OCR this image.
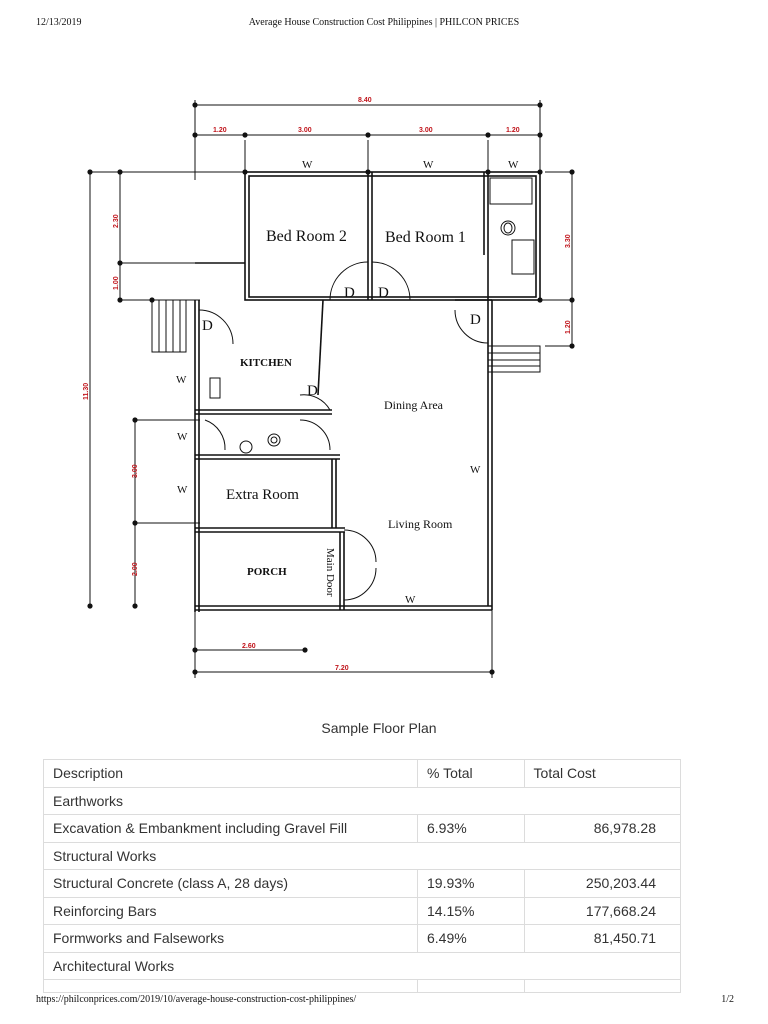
12/13/2019	Average House Construction Cost Philippines | PHILCON PRICES
Bed Room 2 Bed Room 1
KITCHEN
Dining Area
Extra Room
Living Room
PORCH	Main Door
W	W	W
W
W
W
W
W
D D
D
D
D
8.40
1.20	3.00	3.00	1.20
2.30
1.00
11.30
3.00
2.00
3.30
1.20
2.60
7.20
Sample Floor Plan
Description	% Total	Total Cost
Earthworks		
Excavation & Embankment including Gravel Fill	6.93%	86,978.28
Structural Works		
Structural Concrete (class A, 28 days)	19.93%	250,203.44
Reinforcing Bars	14.15%	177,668.24
Formworks and Falseworks	6.49%	81,450.71
Architectural Works		

https://philconprices.com/2019/10/average-house-construction-cost-philippines/	1/2
